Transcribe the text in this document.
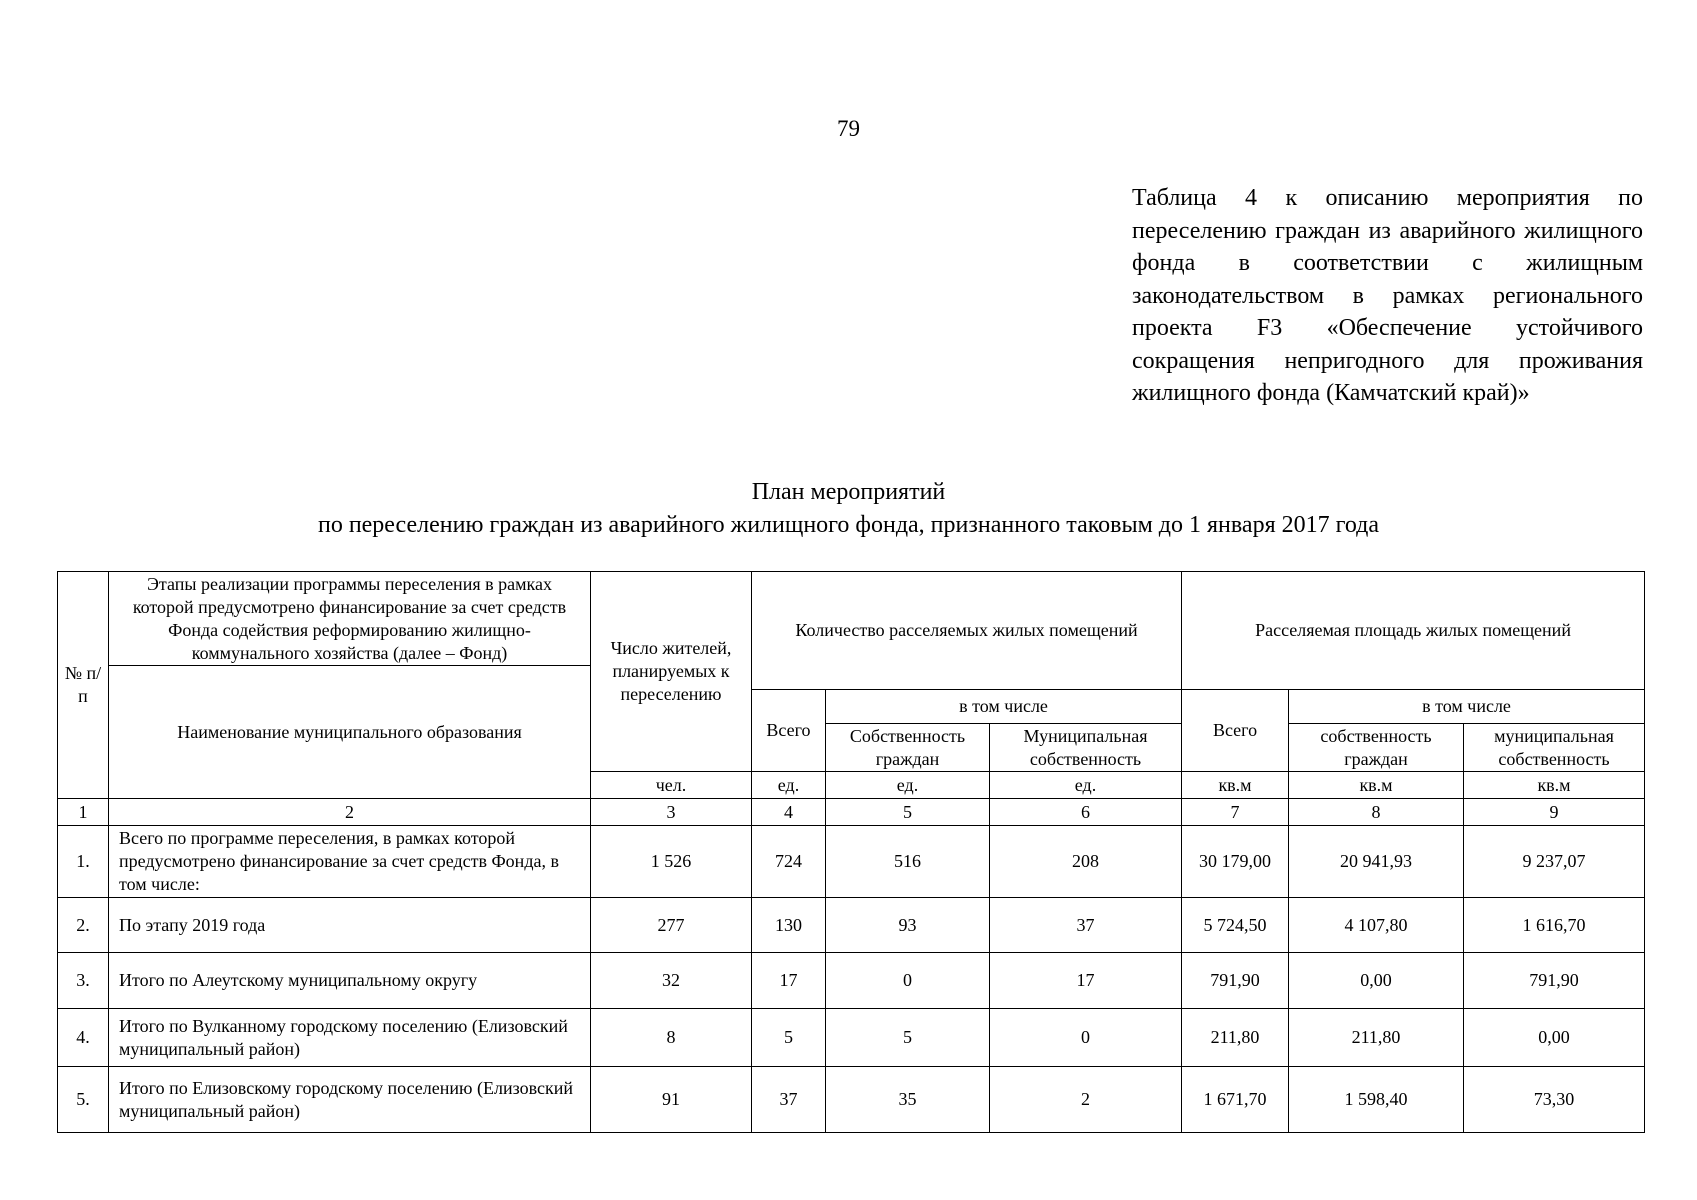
79
Таблица 4 к описанию мероприятия по переселению граждан из аварийного жилищного фонда в соответствии с жилищным законодательством в рамках регионального проекта F3 «Обеспечение устойчивого сокращения непригодного для проживания жилищного фонда (Камчатский край)»
План мероприятий
по переселению граждан из аварийного жилищного фонда, признанного таковым до 1 января 2017 года
№ п/п	Этапы реализации программы переселения в рамках которой предусмотрено финансирование за счет средств Фонда содействия реформированию жилищно-коммунального хозяйства (далее – Фонд)	Число жителей, планируемых к переселению	Количество расселяемых жилых помещений			Расселяемая площадь жилых помещений		
	Наименование муниципального образования							
			Всего	в том числе		Всего	в том числе	
				Собственность граждан	Муниципальная собственность		собственность граждан	муниципальная собственность
		чел.	ед.	ед.	ед.	кв.м	кв.м	кв.м
1	2	3	4	5	6	7	8	9
1.	Всего по программе переселения, в рамках которой предусмотрено финансирование за счет средств Фонда, в том числе:	1 526	724	516	208	30 179,00	20 941,93	9 237,07
2.	По этапу 2019 года	277	130	93	37	5 724,50	4 107,80	1 616,70
3.	Итого по Алеутскому муниципальному округу	32	17	0	17	791,90	0,00	791,90
4.	Итого по Вулканному городскому поселению (Елизовский муниципальный район)	8	5	5	0	211,80	211,80	0,00
5.	Итого по Елизовскому городскому поселению (Елизовский муниципальный район)	91	37	35	2	1 671,70	1 598,40	73,30
